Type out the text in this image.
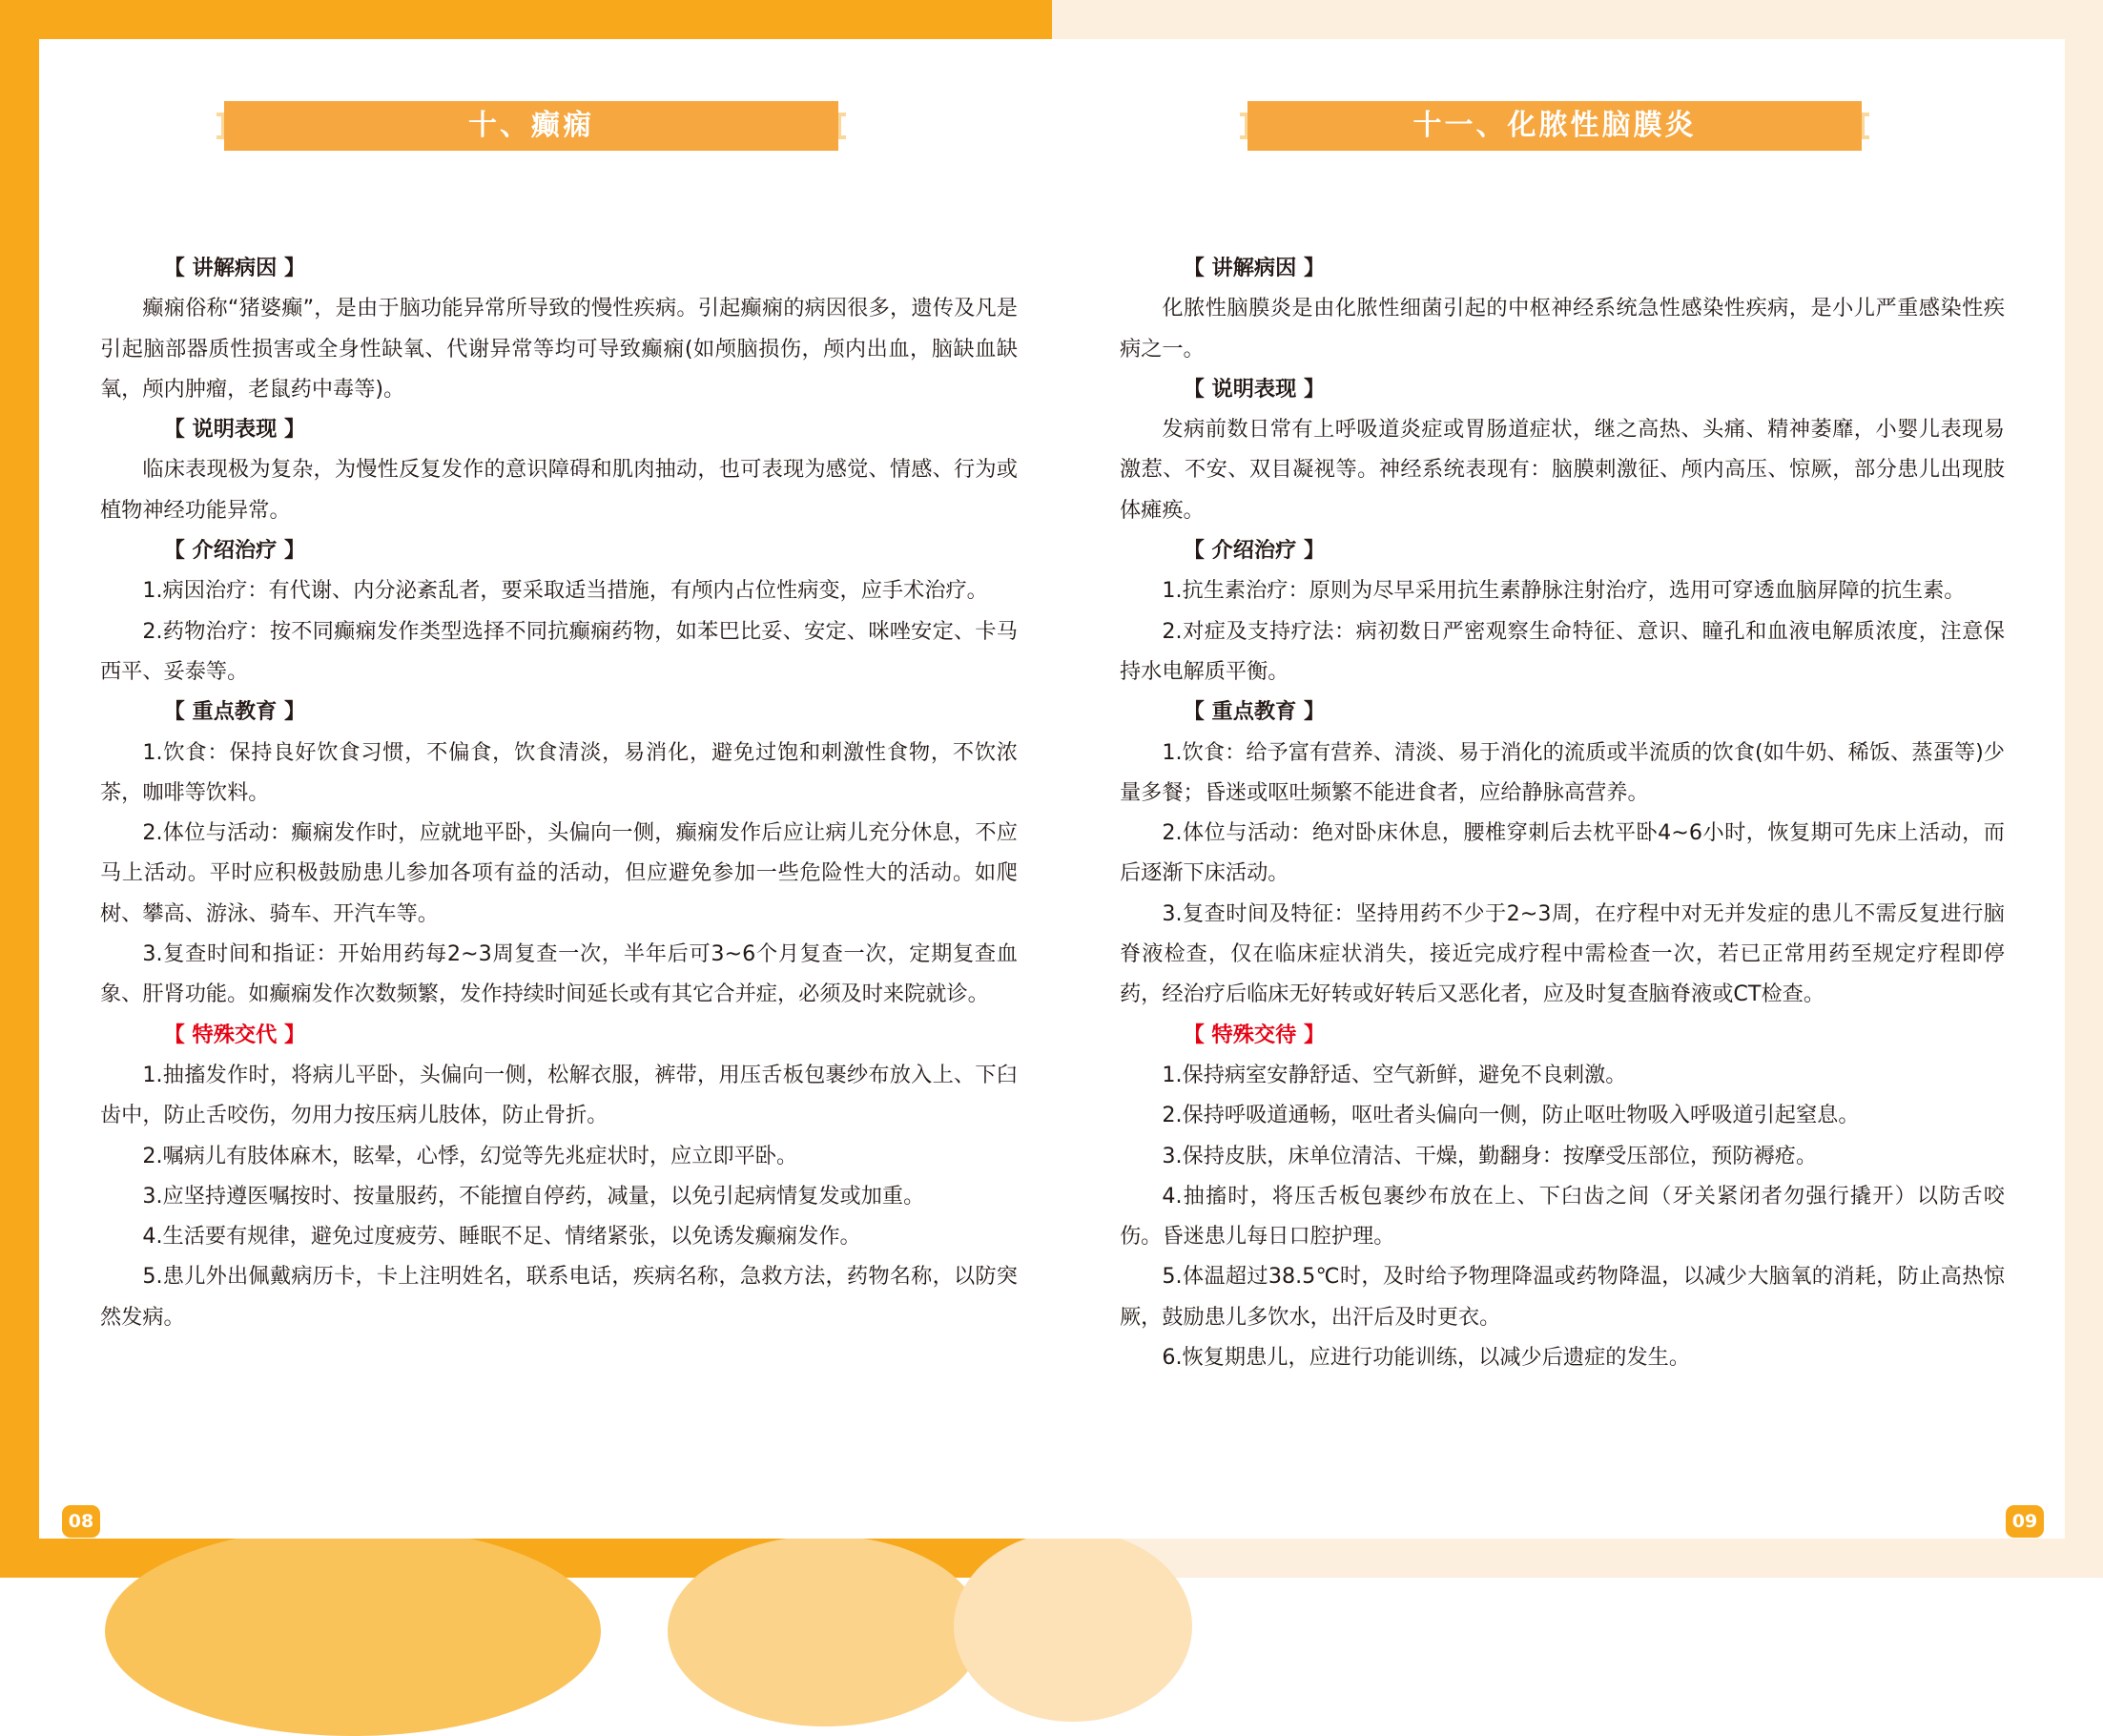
十、癫痫
【 讲解病因 】

癫痫俗称“猪婆癫”，是由于脑功能异常所导致的慢性疾病。引起癫痫的病因很多，遗传及凡是引起脑部器质性损害或全身性缺氧、代谢异常等均可导致癫痫(如颅脑损伤，颅内出血，脑缺血缺氧，颅内肿瘤，老鼠药中毒等)。

【 说明表现 】

临床表现极为复杂，为慢性反复发作的意识障碍和肌肉抽动，也可表现为感觉、情感、行为或植物神经功能异常。

【 介绍治疗 】

1.病因治疗：有代谢、内分泌紊乱者，要采取适当措施，有颅内占位性病变，应手术治疗。

2.药物治疗：按不同癫痫发作类型选择不同抗癫痫药物，如苯巴比妥、安定、咪唑安定、卡马西平、妥泰等。

【 重点教育 】

1.饮食：保持良好饮食习惯，不偏食，饮食清淡，易消化，避免过饱和刺激性食物，不饮浓茶，咖啡等饮料。

2.体位与活动：癫痫发作时，应就地平卧，头偏向一侧，癫痫发作后应让病儿充分休息，不应马上活动。平时应积极鼓励患儿参加各项有益的活动，但应避免参加一些危险性大的活动。如爬树、攀高、游泳、骑车、开汽车等。

3.复查时间和指证：开始用药每2~3周复查一次，半年后可3~6个月复查一次，定期复查血象、肝肾功能。如癫痫发作次数频繁，发作持续时间延长或有其它合并症，必须及时来院就诊。

【 特殊交代 】

1.抽搐发作时，将病儿平卧，头偏向一侧，松解衣服，裤带，用压舌板包裹纱布放入上、下臼齿中，防止舌咬伤，勿用力按压病儿肢体，防止骨折。

2.嘱病儿有肢体麻木，眩晕，心悸，幻觉等先兆症状时，应立即平卧。

3.应坚持遵医嘱按时、按量服药，不能擅自停药，减量，以免引起病情复发或加重。

4.生活要有规律，避免过度疲劳、睡眠不足、情绪紧张，以免诱发癫痫发作。

5.患儿外出佩戴病历卡，卡上注明姓名，联系电话，疾病名称，急救方法，药物名称，以防突然发病。

08
十一、化脓性脑膜炎
【 讲解病因 】

化脓性脑膜炎是由化脓性细菌引起的中枢神经系统急性感染性疾病，是小儿严重感染性疾病之一。

【 说明表现 】

发病前数日常有上呼吸道炎症或胃肠道症状，继之高热、头痛、精神萎靡，小婴儿表现易激惹、不安、双目凝视等。神经系统表现有：脑膜刺激征、颅内高压、惊厥，部分患儿出现肢体瘫痪。

【 介绍治疗 】

1.抗生素治疗：原则为尽早采用抗生素静脉注射治疗，选用可穿透血脑屏障的抗生素。

2.对症及支持疗法：病初数日严密观察生命特征、意识、瞳孔和血液电解质浓度，注意保持水电解质平衡。

【 重点教育 】

1.饮食：给予富有营养、清淡、易于消化的流质或半流质的饮食(如牛奶、稀饭、蒸蛋等)少量多餐；昏迷或呕吐频繁不能进食者，应给静脉高营养。

2.体位与活动：绝对卧床休息，腰椎穿刺后去枕平卧4~6小时，恢复期可先床上活动，而后逐渐下床活动。

3.复查时间及特征：坚持用药不少于2~3周，在疗程中对无并发症的患儿不需反复进行脑脊液检查，仅在临床症状消失，接近完成疗程中需检查一次，若已正常用药至规定疗程即停药，经治疗后临床无好转或好转后又恶化者，应及时复查脑脊液或CT检查。

【 特殊交待 】

1.保持病室安静舒适、空气新鲜，避免不良刺激。

2.保持呼吸道通畅，呕吐者头偏向一侧，防止呕吐物吸入呼吸道引起窒息。

3.保持皮肤，床单位清洁、干燥，勤翻身：按摩受压部位，预防褥疮。

4.抽搐时，将压舌板包裹纱布放在上、下臼齿之间（牙关紧闭者勿强行撬开）以防舌咬伤。昏迷患儿每日口腔护理。

5.体温超过38.5℃时，及时给予物理降温或药物降温，以减少大脑氧的消耗，防止高热惊厥，鼓励患儿多饮水，出汗后及时更衣。

6.恢复期患儿，应进行功能训练，以减少后遗症的发生。

09
